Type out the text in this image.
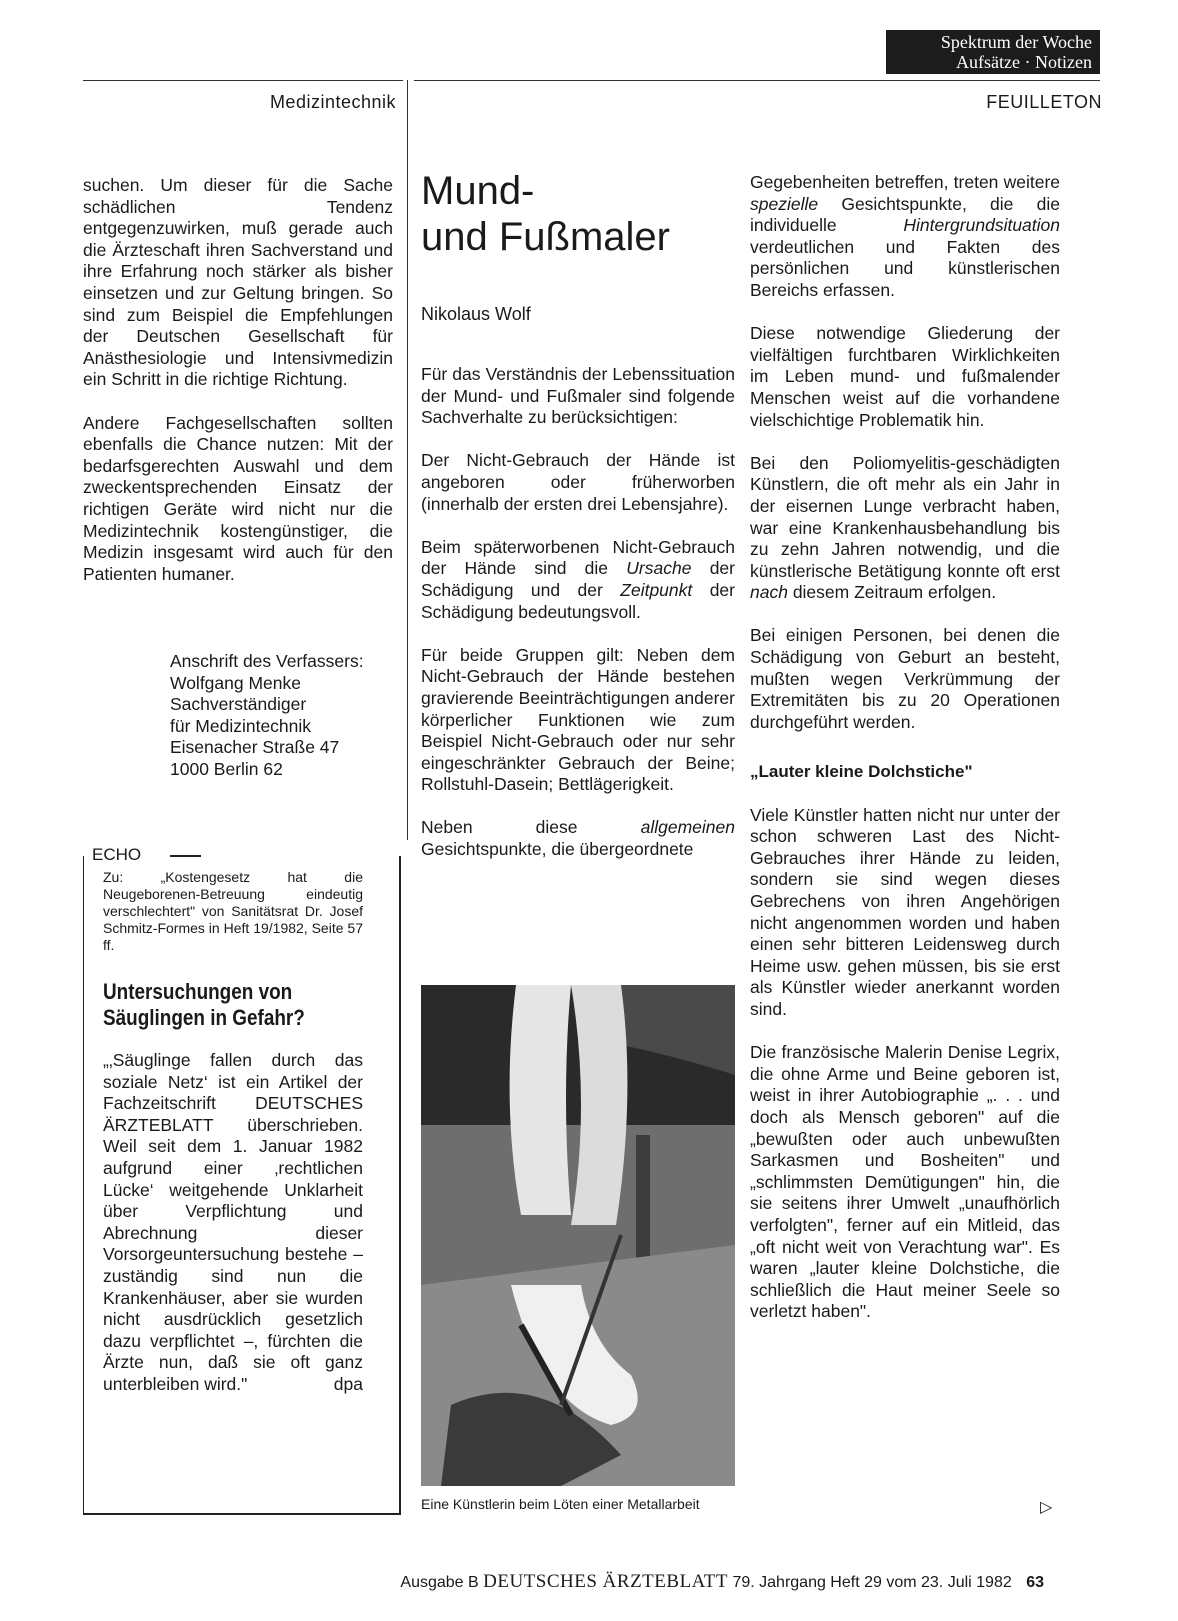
Spektrum der Woche
Aufsätze · Notizen
Medizintechnik	FEUILLETON

suchen. Um dieser für die Sache schädlichen Tendenz entgegenzuwirken, muß gerade auch die Ärzteschaft ihren Sachverstand und ihre Erfahrung noch stärker als bisher einsetzen und zur Geltung bringen. So sind zum Beispiel die Empfehlungen der Deutschen Gesellschaft für Anästhesiologie und Intensivmedizin ein Schritt in die richtige Richtung.

Andere Fachgesellschaften sollten ebenfalls die Chance nutzen: Mit der bedarfsgerechten Auswahl und dem zweckentsprechenden Einsatz der richtigen Geräte wird nicht nur die Medizintechnik kostengünstiger, die Medizin insgesamt wird auch für den Patienten humaner.

Anschrift des Verfassers:
Wolfgang Menke
Sachverständiger
für Medizintechnik
Eisenacher Straße 47
1000 Berlin 62
ECHO
Zu: „Kostengesetz hat die Neugeborenen-Betreuung eindeutig verschlechtert" von Sanitätsrat Dr. Josef Schmitz-Formes in Heft 19/1982, Seite 57 ff.
Untersuchungen von
Säuglingen in Gefahr?
„‚Säuglinge fallen durch das soziale Netz‘ ist ein Artikel der Fachzeitschrift DEUTSCHES ÄRZTEBLATT überschrieben. Weil seit dem 1. Januar 1982 aufgrund einer ‚rechtlichen Lücke‘ weitgehende Unklarheit über Verpflichtung und Abrechnung dieser Vorsorgeuntersuchung bestehe – zuständig sind nun die Krankenhäuser, aber sie wurden nicht ausdrücklich gesetzlich dazu verpflichtet –, fürchten die Ärzte nun, daß sie oft ganz unterbleiben wird."	dpa
Mund-
und Fußmaler
Nikolaus Wolf

Für das Verständnis der Lebenssituation der Mund- und Fußmaler sind folgende Sachverhalte zu berücksichtigen:

Der Nicht-Gebrauch der Hände ist angeboren oder früherworben (innerhalb der ersten drei Lebensjahre).

Beim späterworbenen Nicht-Gebrauch der Hände sind die Ursache der Schädigung und der Zeitpunkt der Schädigung bedeutungsvoll.

Für beide Gruppen gilt: Neben dem Nicht-Gebrauch der Hände bestehen gravierende Beeinträchtigungen anderer körperlicher Funktionen wie zum Beispiel Nicht-Gebrauch oder nur sehr eingeschränkter Gebrauch der Beine; Rollstuhl-Dasein; Bettlägerigkeit.

Neben diese allgemeinen Gesichtspunkte, die übergeordnete

Eine Künstlerin beim Löten einer Metallarbeit

Gegebenheiten betreffen, treten weitere spezielle Gesichtspunkte, die die individuelle Hintergrundsituation verdeutlichen und Fakten des persönlichen und künstlerischen Bereichs erfassen.

Diese notwendige Gliederung der vielfältigen furchtbaren Wirklichkeiten im Leben mund- und fußmalender Menschen weist auf die vorhandene vielschichtige Problematik hin.

Bei den Poliomyelitis-geschädigten Künstlern, die oft mehr als ein Jahr in der eisernen Lunge verbracht haben, war eine Krankenhausbehandlung bis zu zehn Jahren notwendig, und die künstlerische Betätigung konnte oft erst nach diesem Zeitraum erfolgen.

Bei einigen Personen, bei denen die Schädigung von Geburt an besteht, mußten wegen Verkrümmung der Extremitäten bis zu 20 Operationen durchgeführt werden.

„Lauter kleine Dolchstiche"

Viele Künstler hatten nicht nur unter der schon schweren Last des Nicht-Gebrauches ihrer Hände zu leiden, sondern sie sind wegen dieses Gebrechens von ihren Angehörigen nicht angenommen worden und haben einen sehr bitteren Leidensweg durch Heime usw. gehen müssen, bis sie erst als Künstler wieder anerkannt worden sind.

Die französische Malerin Denise Legrix, die ohne Arme und Beine geboren ist, weist in ihrer Autobiographie „. . . und doch als Mensch geboren" auf die „bewußten oder auch unbewußten Sarkasmen und Bosheiten" und „schlimmsten Demütigungen" hin, die sie seitens ihrer Umwelt „unaufhörlich verfolgten", ferner auf ein Mitleid, das „oft nicht weit von Verachtung war". Es waren „lauter kleine Dolchstiche, die schließlich die Haut meiner Seele so verletzt haben".

▷
Ausgabe B DEUTSCHES ÄRZTEBLATT 79. Jahrgang Heft 29 vom 23. Juli 1982 63
